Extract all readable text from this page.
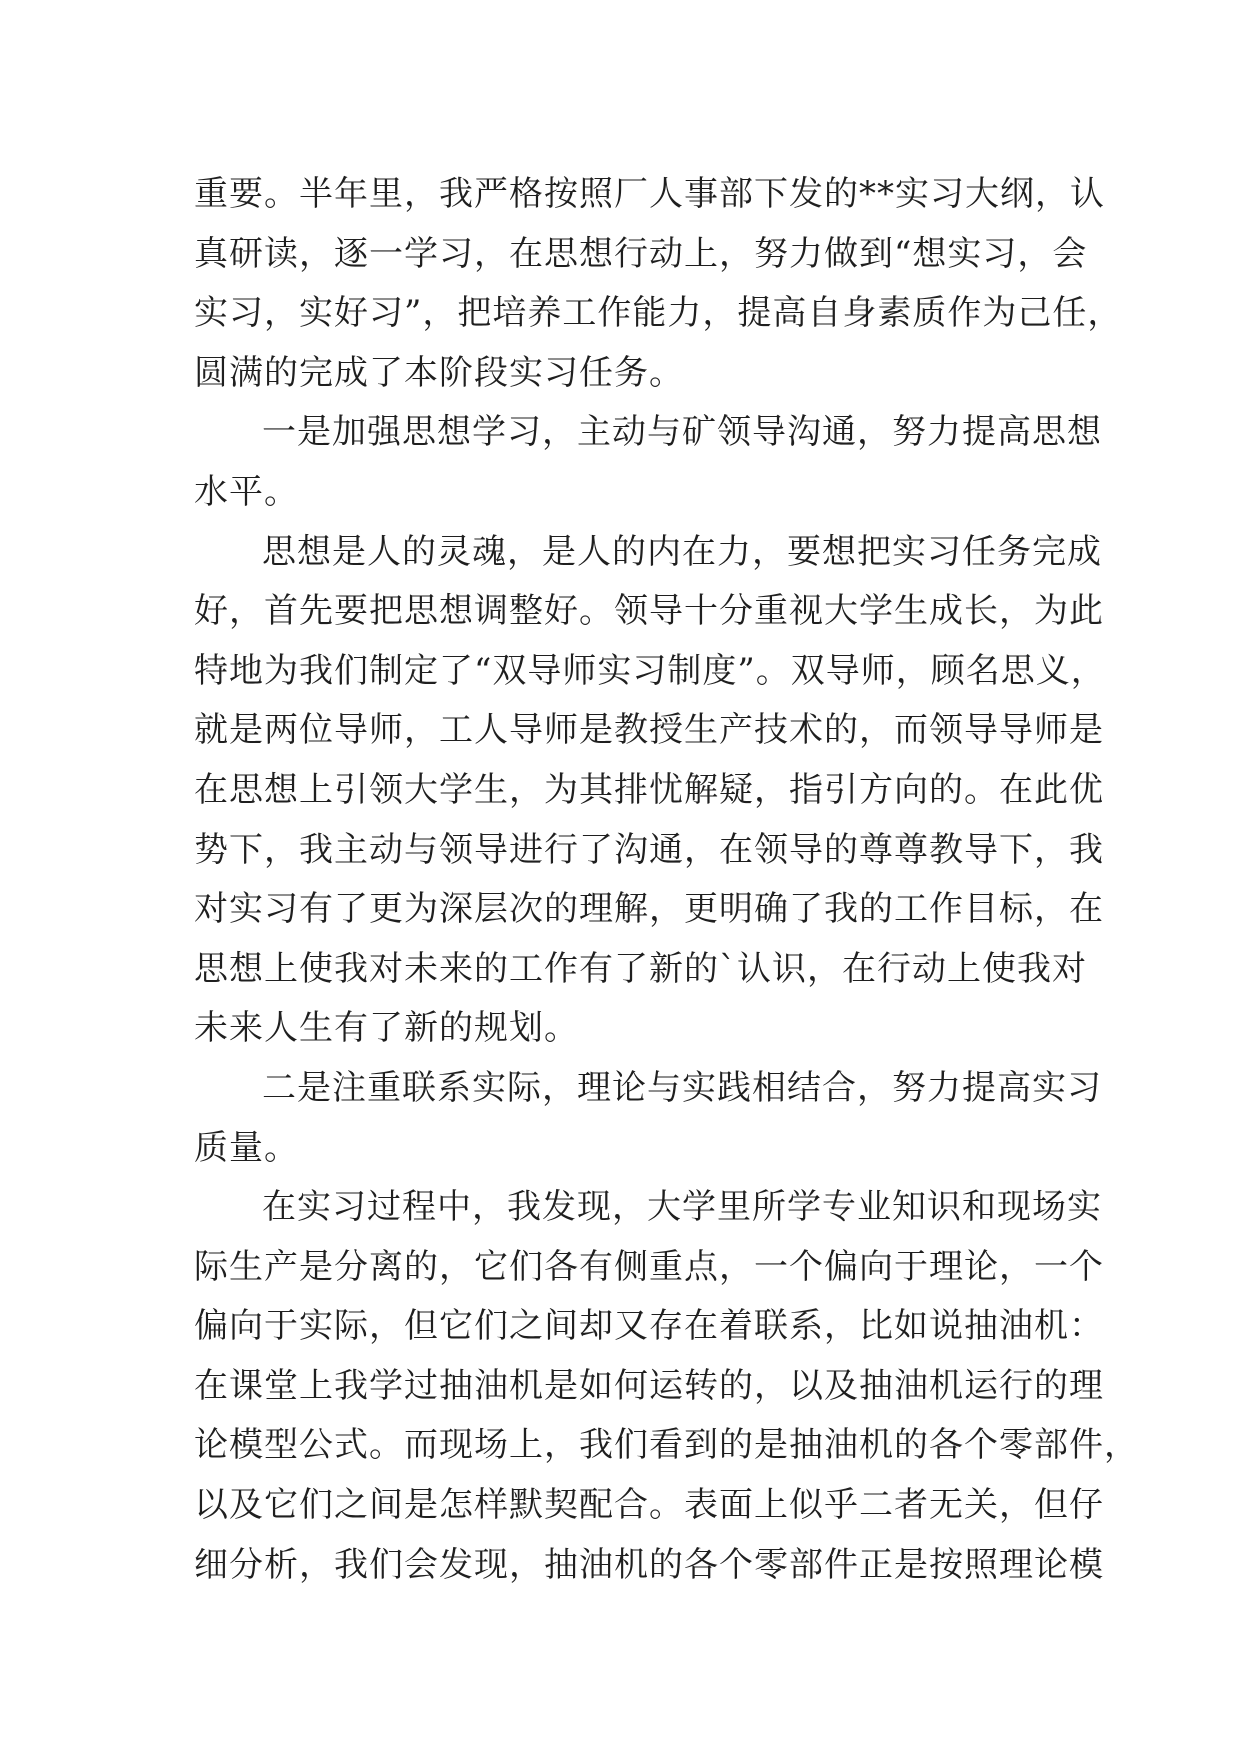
重要。半年里，我严格按照厂人事部下发的**实习大纲，认
真研读，逐一学习，在思想行动上，努力做到“想实习，会
实习，实好习”，把培养工作能力，提高自身素质作为己任，
圆满的完成了本阶段实习任务。
一是加强思想学习，主动与矿领导沟通，努力提高思想
水平。
思想是人的灵魂，是人的内在力，要想把实习任务完成
好，首先要把思想调整好。领导十分重视大学生成长，为此
特地为我们制定了“双导师实习制度”。双导师，顾名思义，
就是两位导师，工人导师是教授生产技术的，而领导导师是
在思想上引领大学生，为其排忧解疑，指引方向的。在此优
势下，我主动与领导进行了沟通，在领导的尊尊教导下，我
对实习有了更为深层次的理解，更明确了我的工作目标，在
思想上使我对未来的工作有了新的`认识，在行动上使我对
未来人生有了新的规划。
二是注重联系实际，理论与实践相结合，努力提高实习
质量。
在实习过程中，我发现，大学里所学专业知识和现场实
际生产是分离的，它们各有侧重点，一个偏向于理论，一个
偏向于实际，但它们之间却又存在着联系，比如说抽油机：
在课堂上我学过抽油机是如何运转的，以及抽油机运行的理
论模型公式。而现场上，我们看到的是抽油机的各个零部件，
以及它们之间是怎样默契配合。表面上似乎二者无关，但仔
细分析，我们会发现，抽油机的各个零部件正是按照理论模
